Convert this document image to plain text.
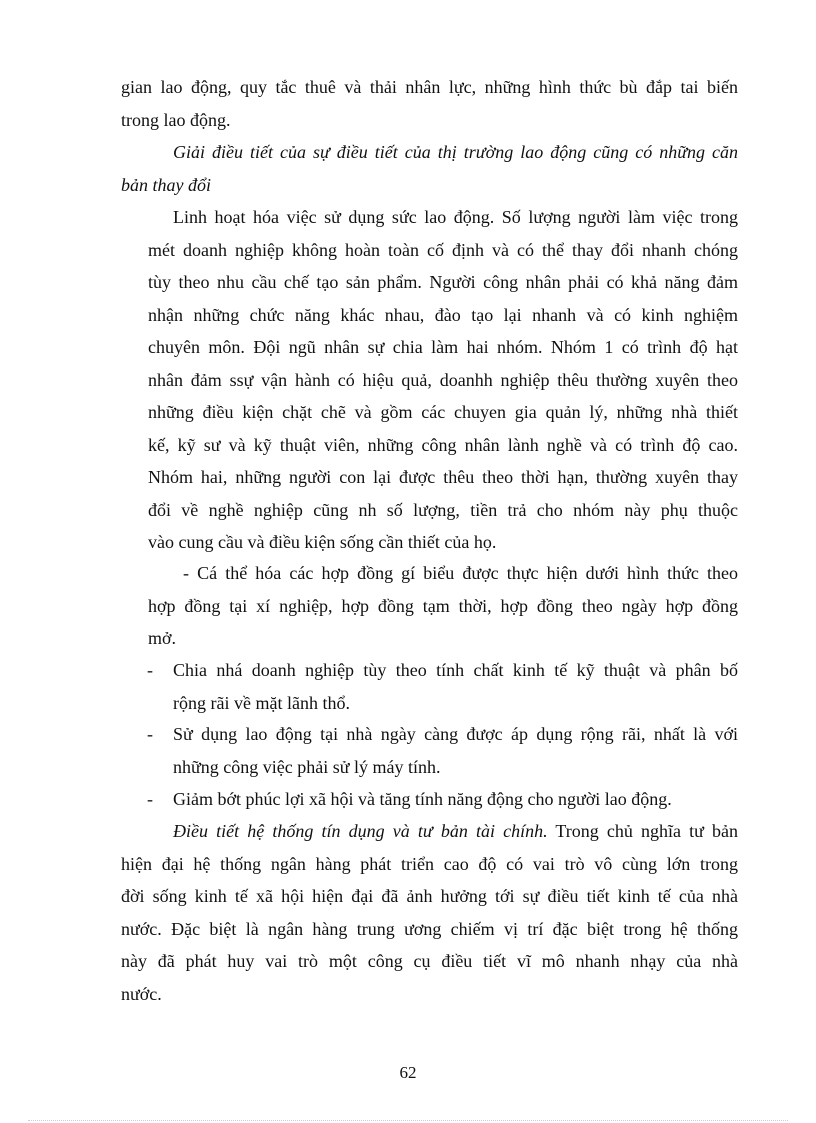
gian lao động, quy tắc thuê và thải nhân lực, những hình thức bù đắp tai biến
trong lao động.
Giải điều tiết của sự điều tiết của thị trường lao động cũng có những căn
bản thay đổi
Linh hoạt hóa việc sử dụng sức lao động. Số lượng người làm việc trong
mét doanh nghiệp không hoàn toàn cố định và có thể thay đổi nhanh chóng
tùy theo nhu cầu chế tạo sản phẩm. Người công nhân phải có khả năng đảm
nhận những chức năng khác nhau, đào tạo lại nhanh và có kinh nghiệm
chuyên môn. Đội ngũ nhân sự chia làm hai nhóm. Nhóm 1 có trình độ hạt
nhân đảm ssự vận hành có hiệu quả, doanhh nghiệp thêu thường xuyên theo
những điều kiện chặt chẽ và gồm các chuyen gia quản lý, những nhà thiết
kế, kỹ sư và kỹ thuật viên, những công nhân lành nghề và có trình độ cao.
Nhóm hai, những người con lại được thêu theo thời hạn, thường xuyên thay
đổi về nghề nghiệp cũng nh số lượng, tiền trả cho nhóm này phụ thuộc
vào cung cầu và điều kiện sống cần thiết của họ.
- Cá thể hóa các hợp đồng gí biểu được thực hiện dưới hình thức theo
hợp đồng tại xí nghiệp, hợp đồng tạm thời, hợp đồng theo ngày hợp đồng
mở.
- Chia nhá doanh nghiệp tùy theo tính chất kinh tế kỹ thuật và phân bố
rộng rãi về mặt lãnh thổ.
- Sử dụng lao động tại nhà ngày càng được áp dụng rộng rãi, nhất là với
những công việc phải sử lý máy tính.
- Giảm bớt phúc lợi xã hội và tăng tính năng động cho người lao động.
Điều tiết hệ thống tín dụng và tư bản tài chính. Trong chủ nghĩa tư bản
hiện đại hệ thống ngân hàng phát triển cao độ có vai trò vô cùng lớn trong
đời sống kinh tế xã hội hiện đại đã ảnh hưởng tới sự điều tiết kinh tế của nhà
nước. Đặc biệt là ngân hàng trung ương chiếm vị trí đặc biệt trong hệ thống
này đã phát huy vai trò một công cụ điều tiết vĩ mô nhanh nhạy của nhà
nước.
62
